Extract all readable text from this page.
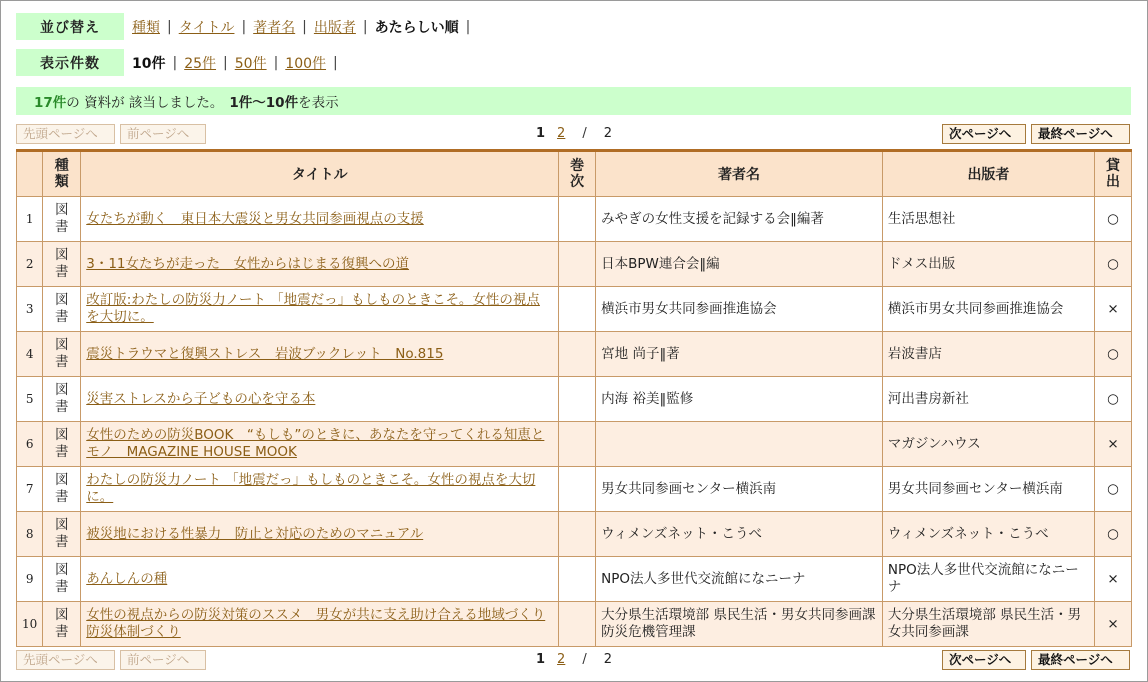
並び替え	種類 | タイトル | 著者名 | 出版者 | あたらしい順 |
表示件数	10件 | 25件 | 50件 | 100件 |
17件 の 資料が 該当しました。 1件〜10件 を表示
先頭ページへ	前ページへ	1 2 / 2	次ページへ	最終ページへ
	種類	タイトル	巻次	著者名	出版者	貸出
1	図書	女たちが動く　東日本大震災と男女共同参画視点の支援		みやぎの女性支援を記録する会‖編著	生活思想社	○
2	図書	3・11女たちが走った　女性からはじまる復興への道		日本BPW連合会‖編	ドメス出版	○
3	図書	改訂版:わたしの防災力ノート 「地震だっ」もしものときこそ。女性の視点を大切に。		横浜市男女共同参画推進協会	横浜市男女共同参画推進協会	×
4	図書	震災トラウマと復興ストレス　岩波ブックレット　No.815		宮地 尚子‖著	岩波書店	○
5	図書	災害ストレスから子どもの心を守る本		内海 裕美‖監修	河出書房新社	○
6	図書	女性のための防災BOOK　“もしも”のときに、あなたを守ってくれる知恵とモノ　MAGAZINE HOUSE MOOK			マガジンハウス	×
7	図書	わたしの防災力ノート 「地震だっ」もしものときこそ。女性の視点を大切に。		男女共同参画センター横浜南	男女共同参画センター横浜南	○
8	図書	被災地における性暴力　防止と対応のためのマニュアル		ウィメンズネット・こうべ	ウィメンズネット・こうべ	○
9	図書	あんしんの種		NPO法人多世代交流館になニーナ	NPO法人多世代交流館になニーナ	×
10	図書	女性の視点からの防災対策のススメ　男女が共に支え助け合える地域づくり防災体制づくり		大分県生活環境部 県民生活・男女共同参画課　防災危機管理課	大分県生活環境部 県民生活・男女共同参画課	×
先頭ページへ	前ページへ	1 2 / 2	次ページへ	最終ページへ
